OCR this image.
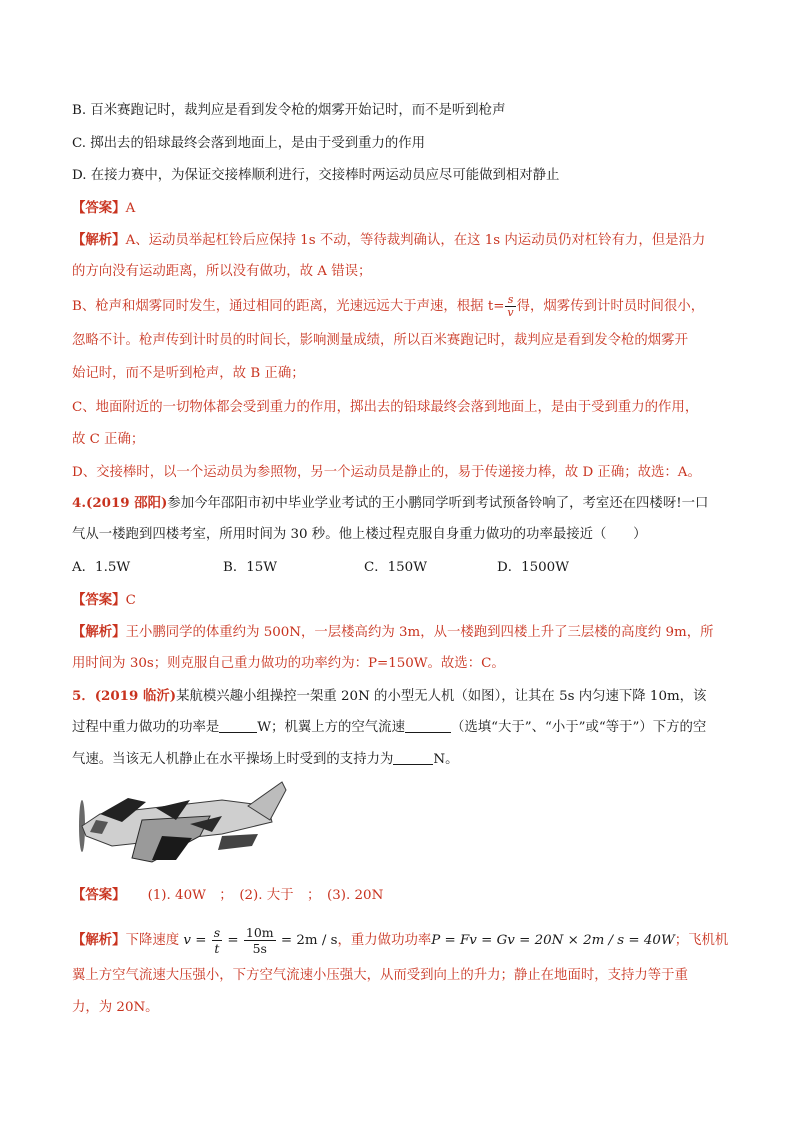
B. 百米赛跑记时，裁判应是看到发令枪的烟雾开始记时，而不是听到枪声
C. 掷出去的铅球最终会落到地面上，是由于受到重力的作用
D. 在接力赛中，为保证交接棒顺利进行，交接棒时两运动员应尽可能做到相对静止
【答案】A
【解析】A、运动员举起杠铃后应保持 1s 不动，等待裁判确认，在这 1s 内运动员仍对杠铃有力，但是沿力
的方向没有运动距离，所以没有做功，故 A 错误；
B、枪声和烟雾同时发生，通过相同的距离，光速远远大于声速，根据 $t= \frac{s}{v}$ 得，烟雾传到计时员时间很小，
忽略不计。枪声传到计时员的时间长，影响测量成绩，所以百米赛跑记时，裁判应是看到发令枪的烟雾开
始记时，而不是听到枪声，故 B 正确；
C、地面附近的一切物体都会受到重力的作用，掷出去的铅球最终会落到地面上，是由于受到重力的作用，
故 C 正确；
D、交接棒时，以一个运动员为参照物，另一个运动员是静止的，易于传递接力棒，故 D 正确；故选：A。
4.(2019 邵阳)参加今年邵阳市初中毕业学业考试的王小鹏同学听到考试预备铃响了，考室还在四楼呀!一口
气从一楼跑到四楼考室，所用时间为 30 秒。他上楼过程克服自身重力做功的功率最接近（　　）
A．1.5W	B．15W	C．150W	D．1500W
【答案】C
【解析】王小鹏同学的体重约为 500N，一层楼高约为 3m，从一楼跑到四楼上升了三层楼的高度约 9m，所
用时间为 30s；则克服自己重力做功的功率约为：P=150W。故选：C。
5．(2019 临沂)某航模兴趣小组操控一架重 20N 的小型无人机（如图），让其在 5s 内匀速下降 10m，该
过程中重力做功的功率是	W；机翼上方的空气流速	（选填“大于”、“小于”或“等于”）下方的空
气速。当该无人机静止在水平操场上时受到的支持力为	N。
【答案】 (1). 40W　；　(2). 大于　；　(3). 20N
【解析】下降速度 $v = \frac{s}{t} = \frac{10m}{5s} = 2m / s$，重力做功功率P = Fv = Gv = 20N × 2m / s = 40W；飞机机
翼上方空气流速大压强小，下方空气流速小压强大，从而受到向上的升力；静止在地面时，支持力等于重
力，为 20N。
